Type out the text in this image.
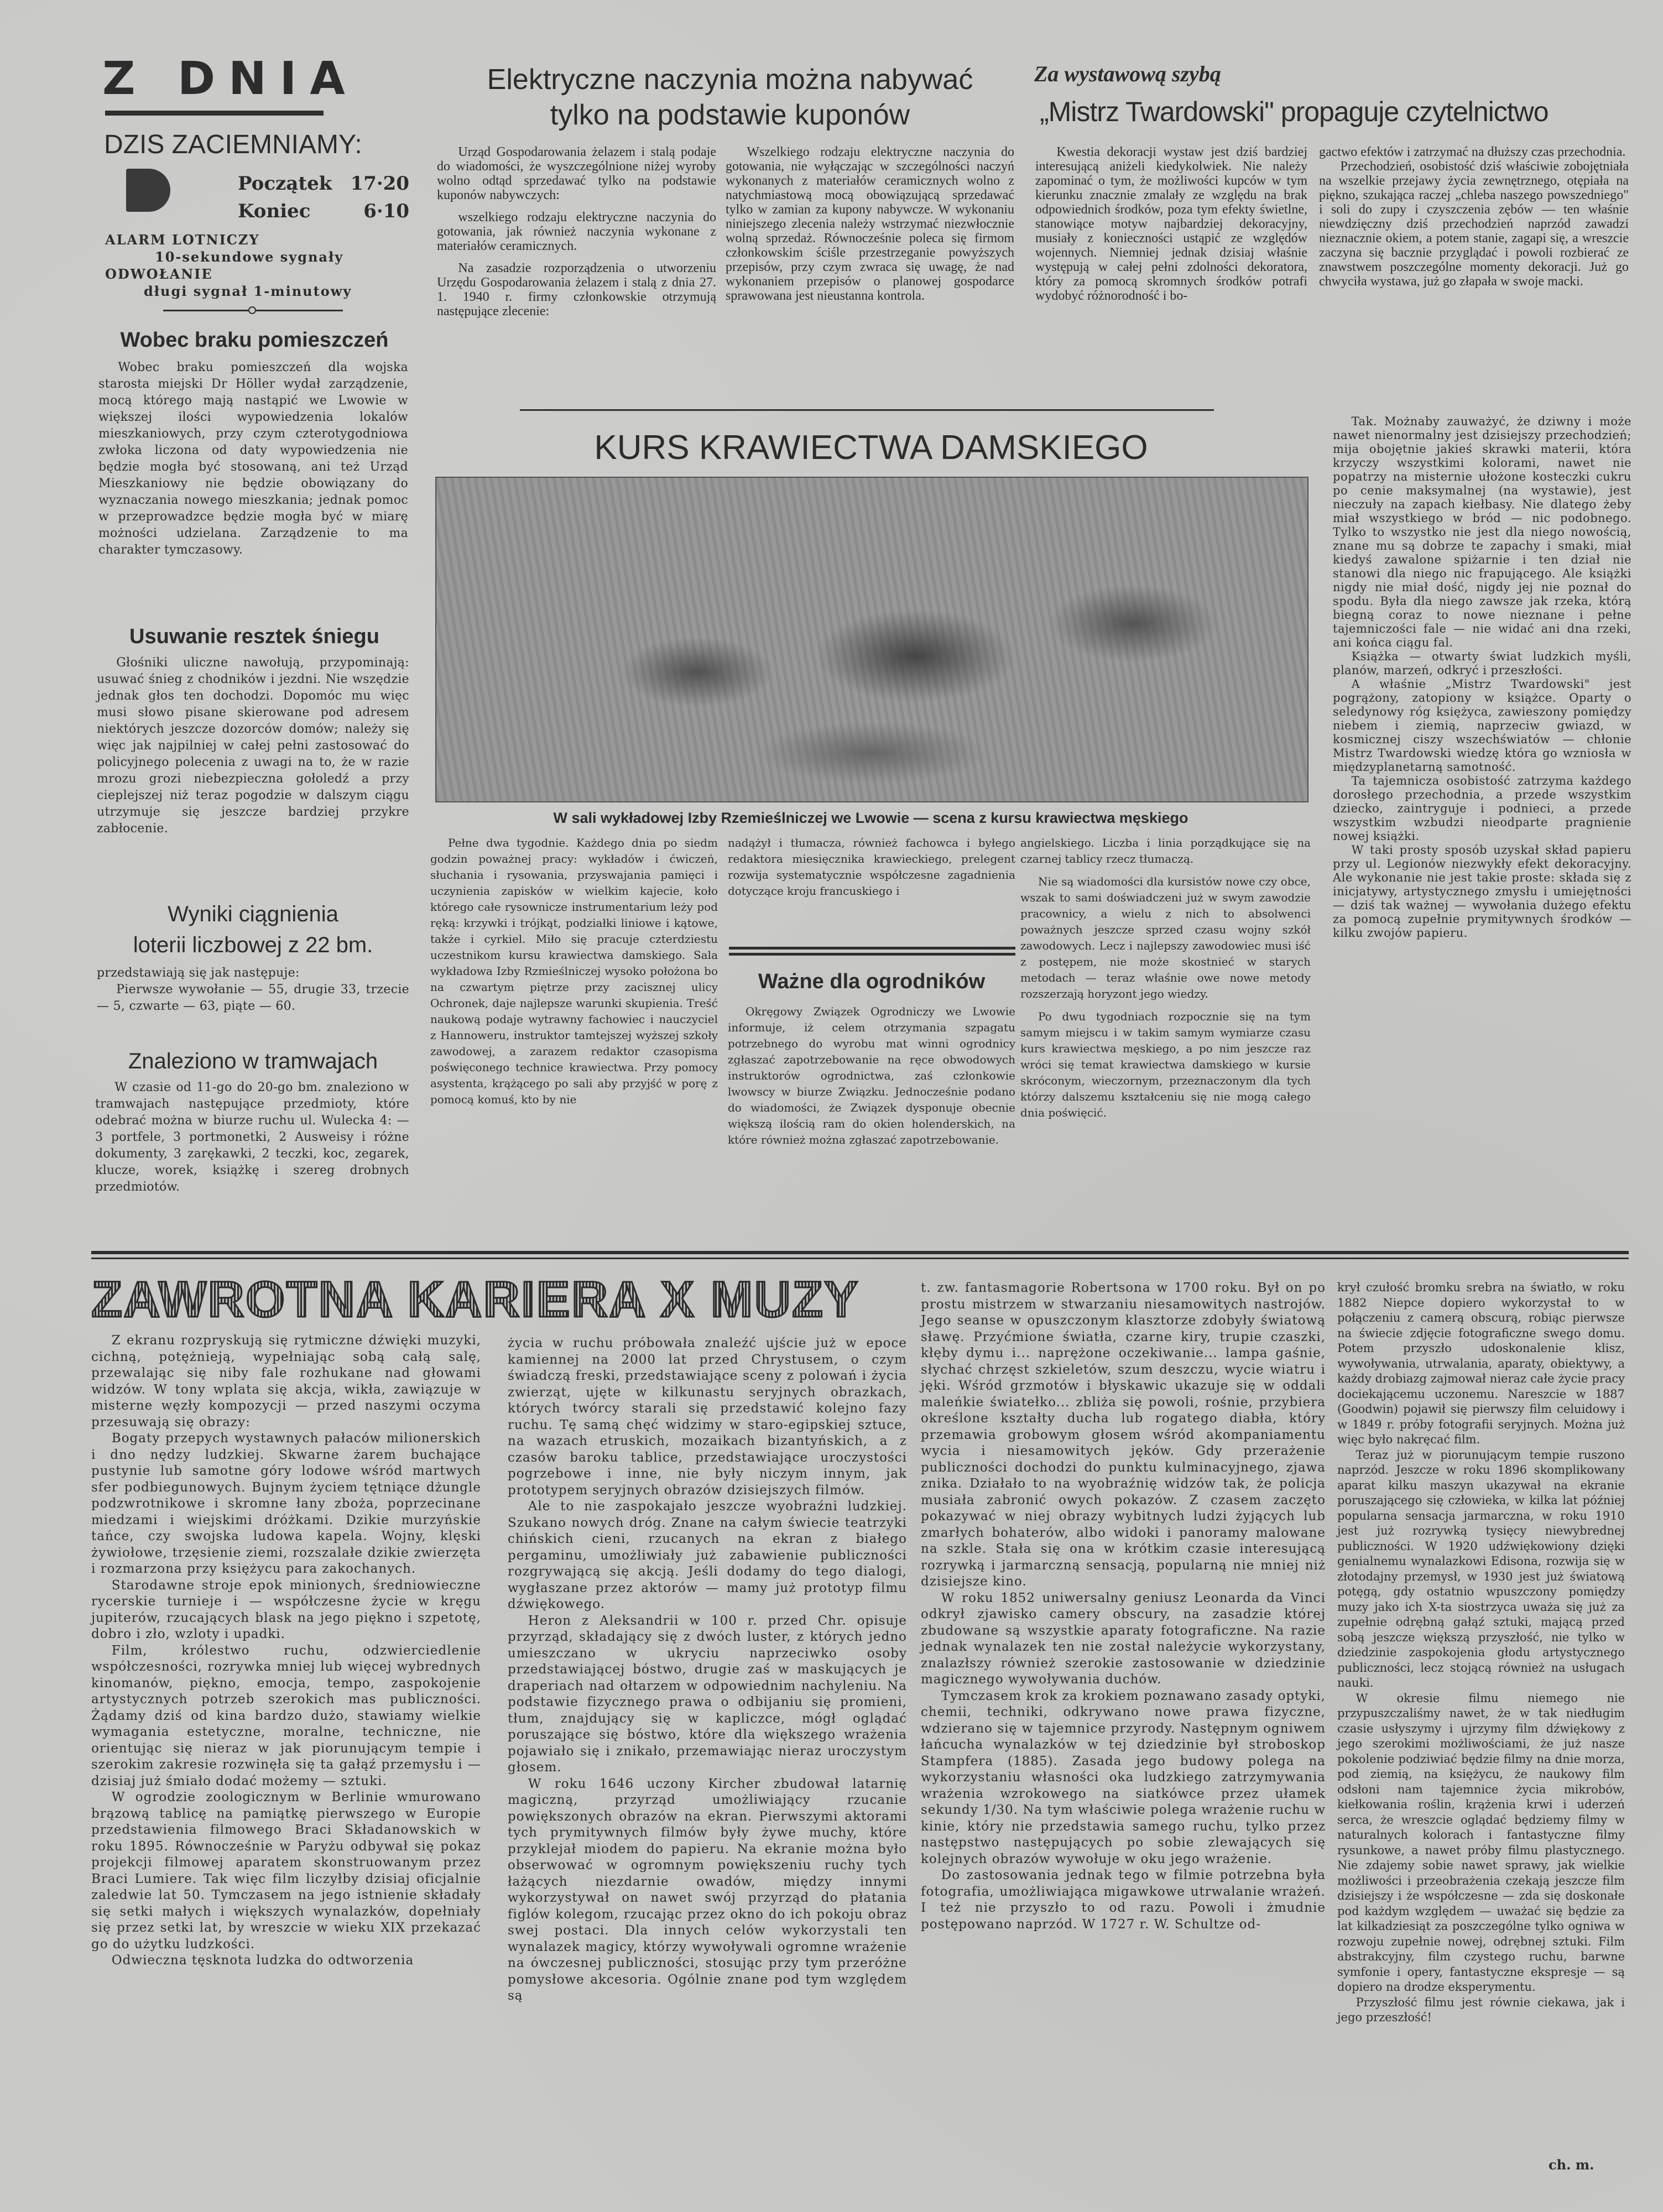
Z DNIA
DZIS ZACIEMNIAMY:
Początek 17·20
Koniec	6·10
ALARM LOTNICZY
10-sekundowe sygnały
ODWOŁANIE
długi sygnał 1-minutowy
Wobec braku pomieszczeń

Wobec braku pomieszczeń dla wojska starosta miejski Dr Höller wydał zarządzenie, mocą którego mają nastąpić we Lwowie w większej ilości wypowiedzenia lokalów mieszkaniowych, przy czym czterotygodniowa zwłoka liczona od daty wypowiedzenia nie będzie mogła być stosowaną, ani też Urząd Mieszkaniowy nie będzie obowiązany do wyznaczania nowego mieszkania; jednak pomoc w przeprowadzce będzie mogła być w miarę możności udzielana. Zarządzenie to ma charakter tymczasowy.

Usuwanie resztek śniegu

Głośniki uliczne nawołują, przypominają: usuwać śnieg z chodników i jezdni. Nie wszędzie jednak głos ten dochodzi. Dopomóc mu więc musi słowo pisane skierowane pod adresem niektórych jeszcze dozorców domów; należy się więc jak najpilniej w całej pełni zastosować do policyjnego polecenia z uwagi na to, że w razie mrozu grozi niebezpieczna gołoledź a przy cieplejszej niż teraz pogodzie w dalszym ciągu utrzymuje się jeszcze bardziej przykre zabłocenie.

Wyniki ciągnienia
loterii liczbowej z 22 bm.

przedstawiają się jak następuje:

Pierwsze wywołanie — 55, drugie 33, trzecie — 5, czwarte — 63, piąte — 60.

Znaleziono w tramwajach

W czasie od 11-go do 20-go bm. znaleziono w tramwajach następujące przedmioty, które odebrać można w biurze ruchu ul. Wulecka 4: — 3 portfele, 3 portmonetki, 2 Ausweisy i różne dokumenty, 3 zarękawki, 2 teczki, koc, zegarek, klucze, worek, książkę i szereg drobnych przedmiotów.

Elektryczne naczynia można nabywać
tylko na podstawie kuponów

Urząd Gospodarowania żelazem i stalą podaje do wiadomości, że wyszczególnione niżej wyroby wolno odtąd sprzedawać tylko na podstawie kuponów nabywczych:

wszelkiego rodzaju elektryczne naczynia do gotowania, jak również naczynia wykonane z materiałów ceramicznych.

Na zasadzie rozporządzenia o utworzeniu Urzędu Gospodarowania żelazem i stalą z dnia 27. 1. 1940 r. firmy członkowskie otrzymują następujące zlecenie:

Wszelkiego rodzaju elektryczne naczynia do gotowania, nie wyłączając w szczególności naczyń wykonanych z materiałów ceramicznych wolno z natychmiastową mocą obowiązującą sprzedawać tylko w zamian za kupony nabywcze. W wykonaniu niniejszego zlecenia należy wstrzymać niezwłocznie wolną sprzedaż. Równocześnie poleca się firmom członkowskim ściśle przestrzeganie powyższych przepisów, przy czym zwraca się uwagę, że nad wykonaniem przepisów o planowej gospodarce sprawowana jest nieustanna kontrola.

Za wystawową szybą
„Mistrz Twardowski" propaguje czytelnictwo

Kwestia dekoracji wystaw jest dziś bardziej interesującą aniżeli kiedykolwiek. Nie należy zapominać o tym, że możliwości kupców w tym kierunku znacznie zmalały ze względu na brak odpowiednich środków, poza tym efekty świetlne, stanowiące motyw najbardziej dekoracyjny, musiały z konieczności ustąpić ze względów wojennych. Niemniej jednak dzisiaj właśnie występują w całej pełni zdolności dekoratora, który za pomocą skromnych środków potrafi wydobyć różnorodność i bo-

gactwo efektów i zatrzymać na dłuższy czas przechodnia.

Przechodzień, osobistość dziś właściwie zobojętniała na wszelkie przejawy życia zewnętrznego, otępiała na piękno, szukająca raczej „chleba naszego powszedniego" i soli do zupy i czyszczenia zębów — ten właśnie niewdzięczny dziś przechodzień naprzód zawadzi nieznacznie okiem, a potem stanie, zagapi się, a wreszcie zaczyna się bacznie przyglądać i powoli rozbierać ze znawstwem poszczególne momenty dekoracji. Już go chwyciła wystawa, już go złapała w swoje macki.

Tak. Możnaby zauważyć, że dziwny i może nawet nienormalny jest dzisiejszy przechodzień; mija obojętnie jakieś skrawki materii, która krzyczy wszystkimi kolorami, nawet nie popatrzy na misternie ułożone kosteczki cukru po cenie maksymalnej (na wystawie), jest nieczuły na zapach kiełbasy. Nie dlatego żeby miał wszystkiego w bród — nic podobnego. Tylko to wszystko nie jest dla niego nowością, znane mu są dobrze te zapachy i smaki, miał kiedyś zawalone spiżarnie i ten dział nie stanowi dla niego nic frapującego. Ale książki nigdy nie miał dość, nigdy jej nie poznał do spodu. Była dla niego zawsze jak rzeka, którą biegną coraz to nowe nieznane i pełne tajemniczości fale — nie widać ani dna rzeki, ani końca ciągu fal.

Książka — otwarty świat ludzkich myśli, planów, marzeń, odkryć i przeszłości.

A właśnie „Mistrz Twardowski" jest pogrążony, zatopiony w książce. Oparty o seledynowy róg księżyca, zawieszony pomiędzy niebem i ziemią, naprzeciw gwiazd, w kosmicznej ciszy wszechświatów — chłonie Mistrz Twardowski wiedzę która go wzniosła w międzyplanetarną samotność.

Ta tajemnicza osobistość zatrzyma każdego dorosłego przechodnia, a przede wszystkim dziecko, zaintryguje i podnieci, a przede wszystkim wzbudzi nieodparte pragnienie nowej książki.

W taki prosty sposób uzyskał skład papieru przy ul. Legionów niezwykły efekt dekoracyjny. Ale wykonanie nie jest takie proste: składa się z inicjatywy, artystycznego zmysłu i umiejętności — dziś tak ważnej — wywołania dużego efektu za pomocą zupełnie prymitywnych środków — kilku zwojów papieru.

KURS KRAWIECTWA DAMSKIEGO
W sali wykładowej Izby Rzemieślniczej we Lwowie — scena z kursu krawiectwa męskiego

Pełne dwa tygodnie. Każdego dnia po siedm godzin poważnej pracy: wykładów i ćwiczeń, słuchania i rysowania, przyswajania pamięci i uczynienia zapisków w wielkim kajecie, koło którego całe rysownicze instrumentarium leży pod ręką: krzywki i trójkąt, podziałki liniowe i kątowe, także i cyrkiel. Miło się pracuje czterdziestu uczestnikom kursu krawiectwa damskiego. Sala wykładowa Izby Rzmieślniczej wysoko położona bo na czwartym piętrze przy zacisznej ulicy Ochronek, daje najlepsze warunki skupienia. Treść naukową podaje wytrawny fachowiec i nauczyciel z Hannoweru, instruktor tamtejszej wyższej szkoły zawodowej, a zarazem redaktor czasopisma poświęconego technice krawiectwa. Przy pomocy asystenta, krążącego po sali aby przyjść w porę z pomocą komuś, kto by nie

nadążył i tłumacza, również fachowca i byłego redaktora miesięcznika krawieckiego, prelegent rozwija systematycznie współczesne zagadnienia dotyczące kroju francuskiego i

Ważne dla ogrodników

Okręgowy Związek Ogrodniczy we Lwowie informuje, iż celem otrzymania szpagatu potrzebnego do wyrobu mat winni ogrodnicy zgłaszać zapotrzebowanie na ręce obwodowych instruktorów ogrodnictwa, zaś członkowie lwowscy w biurze Związku. Jednocześnie podano do wiadomości, że Związek dysponuje obecnie większą ilością ram do okien holenderskich, na które również można zgłaszać zapotrzebowanie.

angielskiego. Liczba i linia porządkujące się na czarnej tablicy rzecz tłumaczą.

Nie są wiadomości dla kursistów nowe czy obce, wszak to sami doświadczeni już w swym zawodzie pracownicy, a wielu z nich to absolwenci poważnych jeszcze sprzed czasu wojny szkół zawodowych. Lecz i najlepszy zawodowiec musi iść z postępem, nie może skostnieć w starych metodach — teraz właśnie owe nowe metody rozszerzają horyzont jego wiedzy.

Po dwu tygodniach rozpocznie się na tym samym miejscu i w takim samym wymiarze czasu kurs krawiectwa męskiego, a po nim jeszcze raz wróci się temat krawiectwa damskiego w kursie skróconym, wieczornym, przeznaczonym dla tych którzy dalszemu kształceniu się nie mogą całego dnia poświęcić.

ZAWROTNA KARIERA X MUZY

Z ekranu rozpryskują się rytmiczne dźwięki muzyki, cichną, potężnieją, wypełniając sobą całą salę, przewalając się niby fale rozhukane nad głowami widzów. W tony wplata się akcja, wikła, zawiązuje w misterne węzły kompozycji — przed naszymi oczyma przesuwają się obrazy:

Bogaty przepych wystawnych pałaców milionerskich i dno nędzy ludzkiej. Skwarne żarem buchające pustynie lub samotne góry lodowe wśród martwych sfer podbiegunowych. Bujnym życiem tętniące dżungle podzwrotnikowe i skromne łany zboża, poprzecinane miedzami i wiejskimi dróżkami. Dzikie murzyńskie tańce, czy swojska ludowa kapela. Wojny, klęski żywiołowe, trzęsienie ziemi, rozszalałe dzikie zwierzęta i rozmarzona przy księżycu para zakochanych.

Starodawne stroje epok minionych, średniowieczne rycerskie turnieje i — współczesne życie w kręgu jupiterów, rzucających blask na jego piękno i szpetotę, dobro i zło, wzloty i upadki.

Film, królestwo ruchu, odzwierciedlenie współczesności, rozrywka mniej lub więcej wybrednych kinomanów, piękno, emocja, tempo, zaspokojenie artystycznych potrzeb szerokich mas publiczności. Żądamy dziś od kina bardzo dużo, stawiamy wielkie wymagania estetyczne, moralne, techniczne, nie orientując się nieraz w jak piorunującym tempie i szerokim zakresie rozwinęła się ta gałąź przemysłu i — dzisiaj już śmiało dodać możemy — sztuki.

W ogrodzie zoologicznym w Berlinie wmurowano brązową tablicę na pamiątkę pierwszego w Europie przedstawienia filmowego Braci Składanowskich w roku 1895. Równocześnie w Paryżu odbywał się pokaz projekcji filmowej aparatem skonstruowanym przez Braci Lumiere. Tak więc film liczyłby dzisiaj oficjalnie zaledwie lat 50. Tymczasem na jego istnienie składały się setki małych i większych wynalazków, dopełniały się przez setki lat, by wreszcie w wieku XIX przekazać go do użytku ludzkości.

Odwieczna tęsknota ludzka do odtworzenia

życia w ruchu próbowała znaleźć ujście już w epoce kamiennej na 2000 lat przed Chrystusem, o czym świadczą freski, przedstawiające sceny z polowań i życia zwierząt, ujęte w kilkunastu seryjnych obrazkach, których twórcy starali się przedstawić kolejno fazy ruchu. Tę samą chęć widzimy w staro-egipskiej sztuce, na wazach etruskich, mozaikach bizantyńskich, a z czasów baroku tablice, przedstawiające uroczystości pogrzebowe i inne, nie były niczym innym, jak prototypem seryjnych obrazów dzisiejszych filmów.

Ale to nie zaspokajało jeszcze wyobraźni ludzkiej. Szukano nowych dróg. Znane na całym świecie teatrzyki chińskich cieni, rzucanych na ekran z białego pergaminu, umożliwiały już zabawienie publiczności rozgrywającą się akcją. Jeśli dodamy do tego dialogi, wygłaszane przez aktorów — mamy już prototyp filmu dźwiękowego.

Heron z Aleksandrii w 100 r. przed Chr. opisuje przyrząd, składający się z dwóch luster, z których jedno umieszczano w ukryciu naprzeciwko osoby przedstawiającej bóstwo, drugie zaś w maskujących je draperiach nad ołtarzem w odpowiednim nachyleniu. Na podstawie fizycznego prawa o odbijaniu się promieni, tłum, znajdujący się w kapliczce, mógł oglądać poruszające się bóstwo, które dla większego wrażenia pojawiało się i znikało, przemawiając nieraz uroczystym głosem.

W roku 1646 uczony Kircher zbudował latarnię magiczną, przyrząd umożliwiający rzucanie powiększonych obrazów na ekran. Pierwszymi aktorami tych prymitywnych filmów były żywe muchy, które przyklejał miodem do papieru. Na ekranie można było obserwować w ogromnym powiększeniu ruchy tych łażących niezdarnie owadów, między innymi wykorzystywał on nawet swój przyrząd do płatania figlów kolegom, rzucając przez okno do ich pokoju obraz swej postaci. Dla innych celów wykorzystali ten wynalazek magicy, którzy wywoływali ogromne wrażenie na ówczesnej publiczności, stosując przy tym przeróżne pomysłowe akcesoria. Ogólnie znane pod tym względem są

t. zw. fantasmagorie Robertsona w 1700 roku. Był on po prostu mistrzem w stwarzaniu niesamowitych nastrojów. Jego seanse w opuszczonym klasztorze zdobyły światową sławę. Przyćmione światła, czarne kiry, trupie czaszki, kłęby dymu i... naprężone oczekiwanie... lampa gaśnie, słychać chrzęst szkieletów, szum deszczu, wycie wiatru i jęki. Wśród grzmotów i błyskawic ukazuje się w oddali maleńkie światełko... zbliża się powoli, rośnie, przybiera określone kształty ducha lub rogatego diabła, który przemawia grobowym głosem wśród akompaniamentu wycia i niesamowitych jęków. Gdy przerażenie publiczności dochodzi do punktu kulminacyjnego, zjawa znika. Działało to na wyobraźnię widzów tak, że policja musiała zabronić owych pokazów. Z czasem zaczęto pokazywać w niej obrazy wybitnych ludzi żyjących lub zmarłych bohaterów, albo widoki i panoramy malowane na szkle. Stała się ona w krótkim czasie interesującą rozrywką i jarmarczną sensacją, popularną nie mniej niż dzisiejsze kino.

W roku 1852 uniwersalny geniusz Leonarda da Vinci odkrył zjawisko camery obscury, na zasadzie której zbudowane są wszystkie aparaty fotograficzne. Na razie jednak wynalazek ten nie został należycie wykorzystany, znalazłszy również szerokie zastosowanie w dziedzinie magicznego wywoływania duchów.

Tymczasem krok za krokiem poznawano zasady optyki, chemii, techniki, odkrywano nowe prawa fizyczne, wdzierano się w tajemnice przyrody. Następnym ogniwem łańcucha wynalazków w tej dziedzinie był stroboskop Stampfera (1885). Zasada jego budowy polega na wykorzystaniu własności oka ludzkiego zatrzymywania wrażenia wzrokowego na siatkówce przez ułamek sekundy 1/30. Na tym właściwie polega wrażenie ruchu w kinie, który nie przedstawia samego ruchu, tylko przez następstwo następujących po sobie zlewających się kolejnych obrazów wywołuje w oku jego wrażenie.

Do zastosowania jednak tego w filmie potrzebna była fotografia, umożliwiająca migawkowe utrwalanie wrażeń. I też nie przyszło to od razu. Powoli i żmudnie postępowano naprzód. W 1727 r. W. Schultze od-

krył czułość bromku srebra na światło, w roku 1882 Niepce dopiero wykorzystał to w połączeniu z camerą obscurą, robiąc pierwsze na świecie zdjęcie fotograficzne swego domu. Potem przyszło udoskonalenie klisz, wywoływania, utrwalania, aparaty, obiektywy, a każdy drobiazg zajmował nieraz całe życie pracy dociekającemu uczonemu. Nareszcie w 1887 (Goodwin) pojawił się pierwszy film celuidowy i w 1849 r. próby fotografii seryjnych. Można już więc było nakręcać film.

Teraz już w piorunującym tempie ruszono naprzód. Jeszcze w roku 1896 skomplikowany aparat kilku maszyn ukazywał na ekranie poruszającego się człowieka, w kilka lat później popularna sensacja jarmarczna, w roku 1910 jest już rozrywką tysięcy niewybrednej publiczności. W 1920 udźwiękowiony dzięki genialnemu wynalazkowi Edisona, rozwija się w złotodajny przemysł, w 1930 jest już światową potęgą, gdy ostatnio wpuszczony pomiędzy muzy jako ich X-ta siostrzyca uważa się już za zupełnie odrębną gałąź sztuki, mającą przed sobą jeszcze większą przyszłość, nie tylko w dziedzinie zaspokojenia głodu artystycznego publiczności, lecz stojącą również na usługach nauki.

W okresie filmu niemego nie przypuszczaliśmy nawet, że w tak niedługim czasie usłyszymy i ujrzymy film dźwiękowy z jego szerokimi możliwościami, że już nasze pokolenie podziwiać będzie filmy na dnie morza, pod ziemią, na księżycu, że naukowy film odsłoni nam tajemnice życia mikrobów, kiełkowania roślin, krążenia krwi i uderzeń serca, że wreszcie oglądać będziemy filmy w naturalnych kolorach i fantastyczne filmy rysunkowe, a nawet próby filmu plastycznego. Nie zdajemy sobie nawet sprawy, jak wielkie możliwości i przeobrażenia czekają jeszcze film dzisiejszy i że współczesne — zda się doskonałe pod każdym względem — uważać się będzie za lat kilkadziesiąt za poszczególne tylko ogniwa w rozwoju zupełnie nowej, odrębnej sztuki. Film abstrakcyjny, film czystego ruchu, barwne symfonie i opery, fantastyczne ekspresje — są dopiero na drodze eksperymentu.

Przyszłość filmu jest równie ciekawa, jak i jego przeszłość!

ch. m.
